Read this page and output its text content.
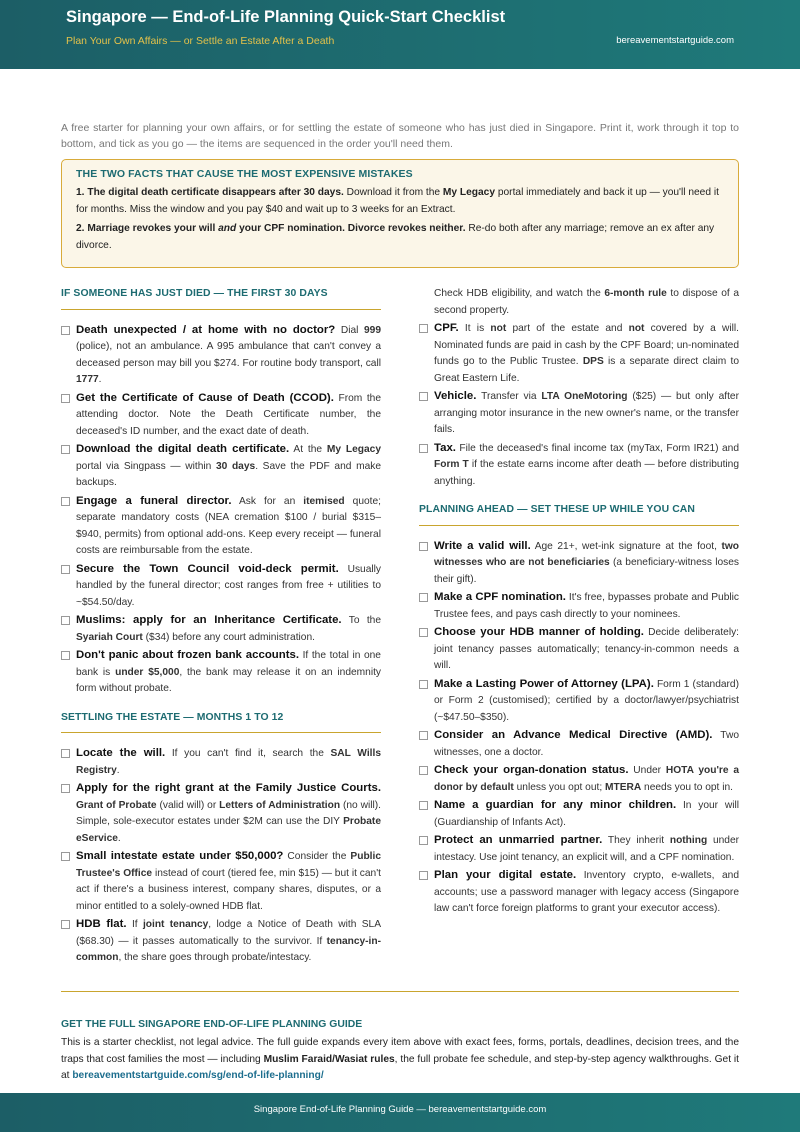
Singapore — End-of-Life Planning Quick-Start Checklist
Plan Your Own Affairs — or Settle an Estate After a Death	bereavementstartguide.com
A free starter for planning your own affairs, or for settling the estate of someone who has just died in Singapore. Print it, work through it top to bottom, and tick as you go — the items are sequenced in the order you'll need them.
THE TWO FACTS THAT CAUSE THE MOST EXPENSIVE MISTAKES

1. The digital death certificate disappears after 30 days. Download it from the My Legacy portal immediately and back it up — you'll need it for months. Miss the window and you pay $40 and wait up to 3 weeks for an Extract.

2. Marriage revokes your will and your CPF nomination. Divorce revokes neither. Re-do both after any marriage; remove an ex after any divorce.

IF SOMEONE HAS JUST DIED — THE FIRST 30 DAYS
Death unexpected / at home with no doctor? Dial 999 (police), not an ambulance. A 995 ambulance that can't convey a deceased person may bill you $274. For routine body transport, call 1777.
Get the Certificate of Cause of Death (CCOD). From the attending doctor. Note the Death Certificate number, the deceased's ID number, and the exact date of death.
Download the digital death certificate. At the My Legacy portal via Singpass — within 30 days. Save the PDF and make backups.
Engage a funeral director. Ask for an itemised quote; separate mandatory costs (NEA cremation $100 / burial $315–$940, permits) from optional add-ons. Keep every receipt — funeral costs are reimbursable from the estate.
Secure the Town Council void-deck permit. Usually handled by the funeral director; cost ranges from free + utilities to ~$54.50/day.
Muslims: apply for an Inheritance Certificate. To the Syariah Court ($34) before any court administration.
Don't panic about frozen bank accounts. If the total in one bank is under $5,000, the bank may release it on an indemnity form without probate.
SETTLING THE ESTATE — MONTHS 1 TO 12
Locate the will. If you can't find it, search the SAL Wills Registry.
Apply for the right grant at the Family Justice Courts. Grant of Probate (valid will) or Letters of Administration (no will). Simple, sole-executor estates under $2M can use the DIY Probate eService.
Small intestate estate under $50,000? Consider the Public Trustee's Office instead of court (tiered fee, min $15) — but it can't act if there's a business interest, company shares, disputes, or a minor entitled to a solely-owned HDB flat.
HDB flat. If joint tenancy, lodge a Notice of Death with SLA ($68.30) — it passes automatically to the survivor. If tenancy-in-common, the share goes through probate/intestacy.
Check HDB eligibility, and watch the 6-month rule to dispose of a second property.
CPF. It is not part of the estate and not covered by a will. Nominated funds are paid in cash by the CPF Board; un-nominated funds go to the Public Trustee. DPS is a separate direct claim to Great Eastern Life.
Vehicle. Transfer via LTA OneMotoring ($25) — but only after arranging motor insurance in the new owner's name, or the transfer fails.
Tax. File the deceased's final income tax (myTax, Form IR21) and Form T if the estate earns income after death — before distributing anything.
PLANNING AHEAD — SET THESE UP WHILE YOU CAN
Write a valid will. Age 21+, wet-ink signature at the foot, two witnesses who are not beneficiaries (a beneficiary-witness loses their gift).
Make a CPF nomination. It's free, bypasses probate and Public Trustee fees, and pays cash directly to your nominees.
Choose your HDB manner of holding. Decide deliberately: joint tenancy passes automatically; tenancy-in-common needs a will.
Make a Lasting Power of Attorney (LPA). Form 1 (standard) or Form 2 (customised); certified by a doctor/lawyer/psychiatrist (~$47.50–$350).
Consider an Advance Medical Directive (AMD). Two witnesses, one a doctor.
Check your organ-donation status. Under HOTA you're a donor by default unless you opt out; MTERA needs you to opt in.
Name a guardian for any minor children. In your will (Guardianship of Infants Act).
Protect an unmarried partner. They inherit nothing under intestacy. Use joint tenancy, an explicit will, and a CPF nomination.
Plan your digital estate. Inventory crypto, e-wallets, and accounts; use a password manager with legacy access (Singapore law can't force foreign platforms to grant your executor access).
GET THE FULL SINGAPORE END-OF-LIFE PLANNING GUIDE
This is a starter checklist, not legal advice. The full guide expands every item above with exact fees, forms, portals, deadlines, decision trees, and the traps that cost families the most — including Muslim Faraid/Wasiat rules, the full probate fee schedule, and step-by-step agency walkthroughs. Get it at bereavementstartguide.com/sg/end-of-life-planning/
Singapore End-of-Life Planning Guide — bereavementstartguide.com
